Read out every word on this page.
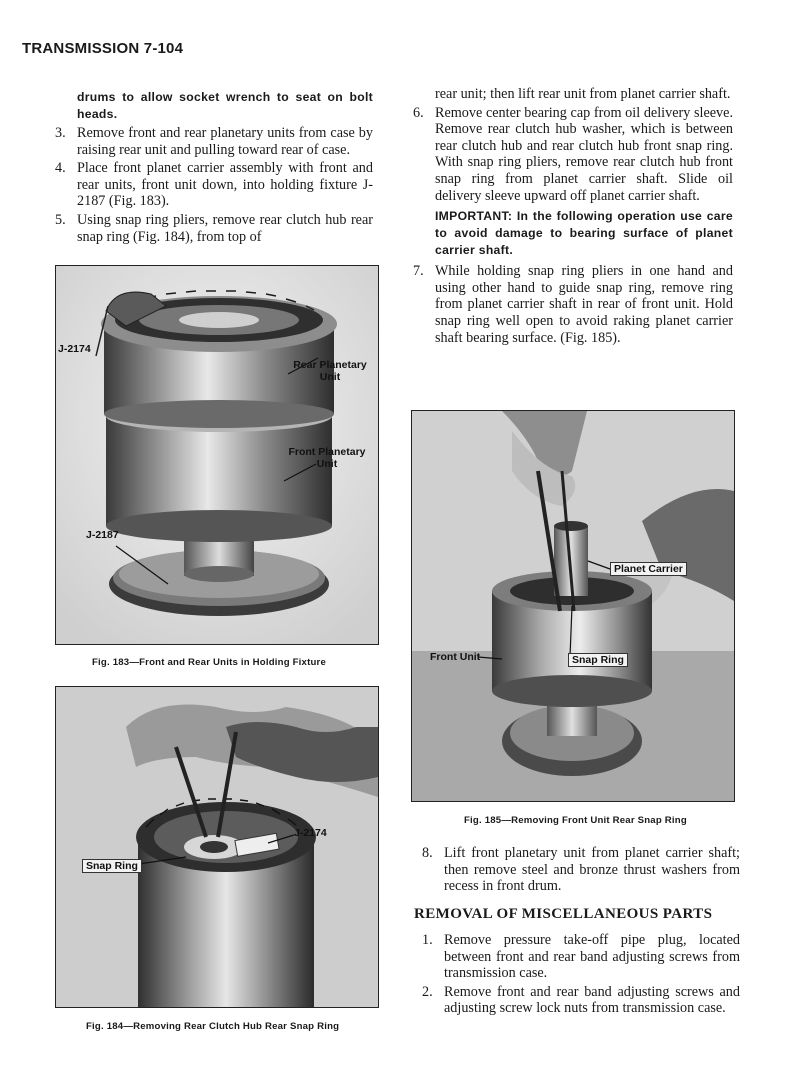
TRANSMISSION 7-104

drums to allow socket wrench to seat on bolt heads.

3. Remove front and rear planetary units from case by raising rear unit and pulling toward rear of case.

4. Place front planet carrier assembly with front and rear units, front unit down, into holding fixture J-2187 (Fig. 183).

5. Using snap ring pliers, remove rear clutch hub rear snap ring (Fig. 184), from top of

J-2174
Rear Planetary Unit
Front Planetary Unit
J-2187
Fig. 183—Front and Rear Units in Holding Fixture
J-2174
Snap Ring
Fig. 184—Removing Rear Clutch Hub Rear Snap Ring

rear unit; then lift rear unit from planet carrier shaft.

6. Remove center bearing cap from oil delivery sleeve. Remove rear clutch hub washer, which is between rear clutch hub and rear clutch hub front snap ring. With snap ring pliers, remove rear clutch hub front snap ring from planet carrier shaft. Slide oil delivery sleeve upward off planet carrier shaft.

IMPORTANT: In the following operation use care to avoid damage to bearing surface of planet carrier shaft.

7. While holding snap ring pliers in one hand and using other hand to guide snap ring, remove ring from planet carrier shaft in rear of front unit. Hold snap ring well open to avoid raking planet carrier shaft bearing surface. (Fig. 185).

Planet Carrier
Front Unit	Snap Ring
Fig. 185—Removing Front Unit Rear Snap Ring
8. Lift front planetary unit from planet carrier shaft; then remove steel and bronze thrust washers from recess in front drum.

REMOVAL OF MISCELLANEOUS PARTS
1. Remove pressure take-off pipe plug, located between front and rear band adjusting screws from transmission case.

2. Remove front and rear band adjusting screws and adjusting screw lock nuts from transmission case.
